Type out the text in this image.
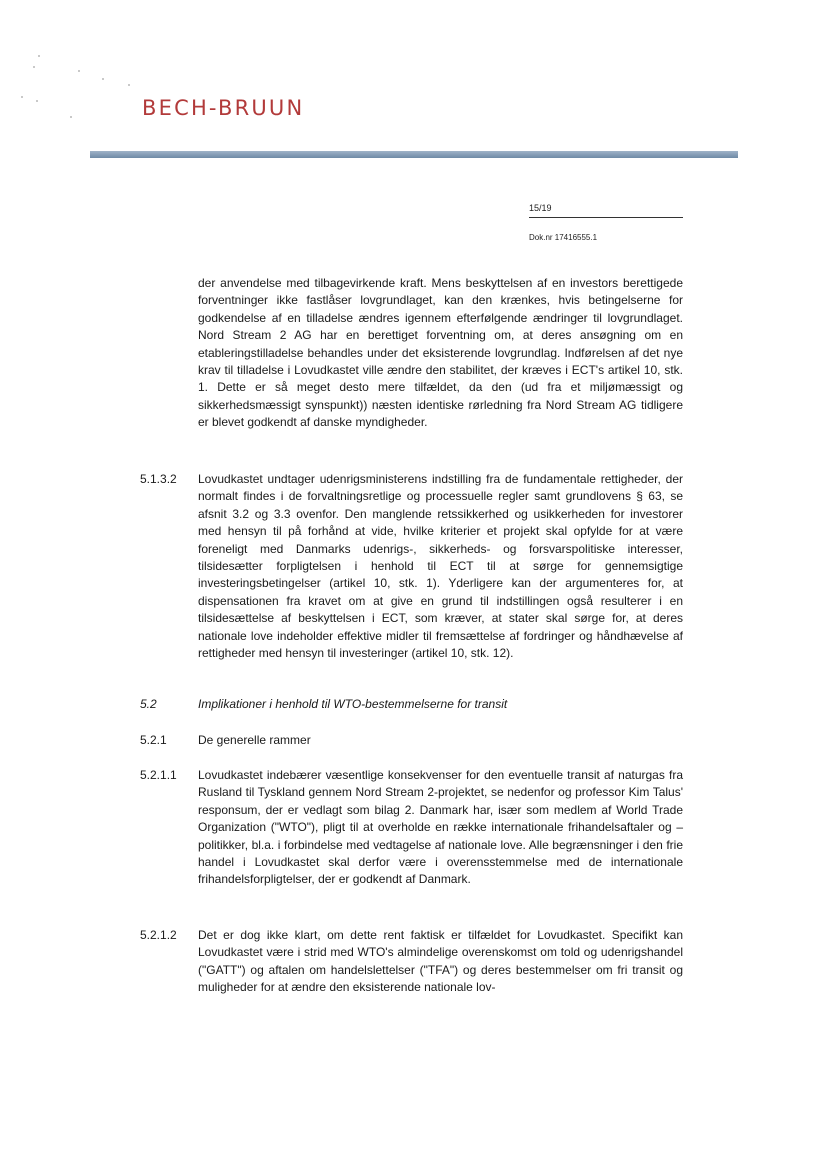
BECH-BRUUN
15/19
Dok.nr 17416555.1
der anvendelse med tilbagevirkende kraft. Mens beskyttelsen af en investors berettigede forventninger ikke fastlåser lovgrundlaget, kan den krænkes, hvis betingelserne for godkendelse af en tilladelse ændres igennem efterfølgende ændringer til lovgrundlaget. Nord Stream 2 AG har en berettiget forventning om, at deres ansøgning om en etableringstilladelse behandles under det eksisterende lovgrundlag. Indførelsen af det nye krav til tilladelse i Lovudkastet ville ændre den stabilitet, der kræves i ECT's artikel 10, stk. 1. Dette er så meget desto mere tilfældet, da den (ud fra et miljømæssigt og sikkerhedsmæssigt synspunkt)) næsten identiske rørledning fra Nord Stream AG tidligere er blevet godkendt af danske myndigheder.
5.1.3.2 Lovudkastet undtager udenrigsministerens indstilling fra de fundamentale rettigheder, der normalt findes i de forvaltningsretlige og processuelle regler samt grundlovens § 63, se afsnit 3.2 og 3.3 ovenfor. Den manglende retssikkerhed og usikkerheden for investorer med hensyn til på forhånd at vide, hvilke kriterier et projekt skal opfylde for at være foreneligt med Danmarks udenrigs-, sikkerheds- og forsvarspolitiske interesser, tilsidesætter forpligtelsen i henhold til ECT til at sørge for gennemsigtige investeringsbetingelser (artikel 10, stk. 1). Yderligere kan der argumenteres for, at dispensationen fra kravet om at give en grund til indstillingen også resulterer i en tilsidesættelse af beskyttelsen i ECT, som kræver, at stater skal sørge for, at deres nationale love indeholder effektive midler til fremsættelse af fordringer og håndhævelse af rettigheder med hensyn til investeringer (artikel 10, stk. 12).
5.2	Implikationer i henhold til WTO-bestemmelserne for transit
5.2.1	De generelle rammer
5.2.1.1 Lovudkastet indebærer væsentlige konsekvenser for den eventuelle transit af naturgas fra Rusland til Tyskland gennem Nord Stream 2-projektet, se nedenfor og professor Kim Talus' responsum, der er vedlagt som bilag 2. Danmark har, især som medlem af World Trade Organization ("WTO"), pligt til at overholde en række internationale frihandelsaftaler og –politikker, bl.a. i forbindelse med vedtagelse af nationale love. Alle begrænsninger i den frie handel i Lovudkastet skal derfor være i overensstemmelse med de internationale frihandelsforpligtelser, der er godkendt af Danmark.
5.2.1.2 Det er dog ikke klart, om dette rent faktisk er tilfældet for Lovudkastet. Specifikt kan Lovudkastet være i strid med WTO's almindelige overenskomst om told og udenrigshandel ("GATT") og aftalen om handelslettelser ("TFA") og deres bestemmelser om fri transit og muligheder for at ændre den eksisterende nationale lov-
